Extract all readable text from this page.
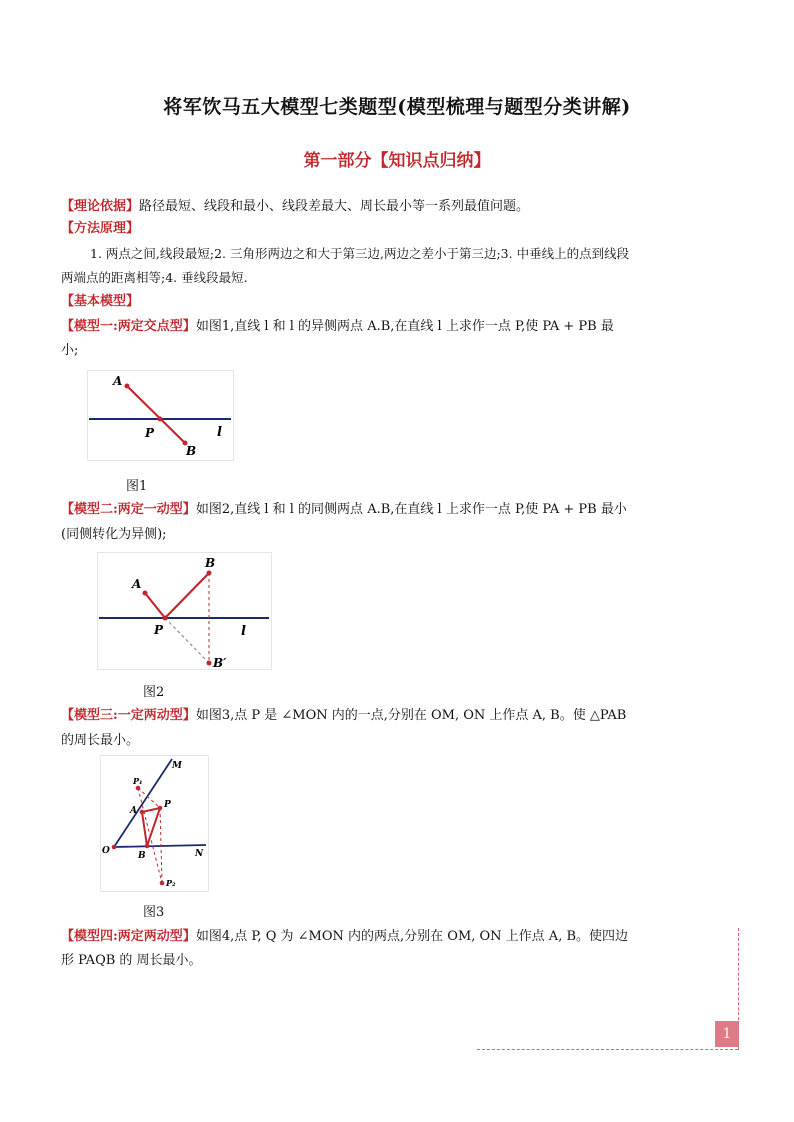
将军饮马五大模型七类题型(模型梳理与题型分类讲解)
第一部分【知识点归纳】
【理论依据】路径最短、线段和最小、线段差最大、周长最小等一系列最值问题。
【方法原理】
1. 两点之间,线段最短;2. 三角形两边之和大于第三边,两边之差小于第三边;3. 中垂线上的点到线段
两端点的距离相等;4. 垂线段最短.
【基本模型】
【模型一:两定交点型】如图1,直线 l 和 l 的异侧两点 A.B,在直线 l 上求作一点 P,使 PA + PB 最
小;
A
P
B
l
图1
【模型二:两定一动型】如图2,直线 l 和 l 的同侧两点 A.B,在直线 l 上求作一点 P,使 PA + PB 最小
(同侧转化为异侧);
A
B
P	l
B′
图2
【模型三:一定两动型】如图3,点 P 是 ∠MON 内的一点,分别在 OM, ON 上作点 A, B。使 △PAB
的周长最小。
M
N
O
A
B
P
P₁
P₂
图3
【模型四:两定两动型】如图4,点 P, Q 为 ∠MON 内的两点,分别在 OM, ON 上作点 A, B。使四边
形 PAQB 的 周长最小。
1
